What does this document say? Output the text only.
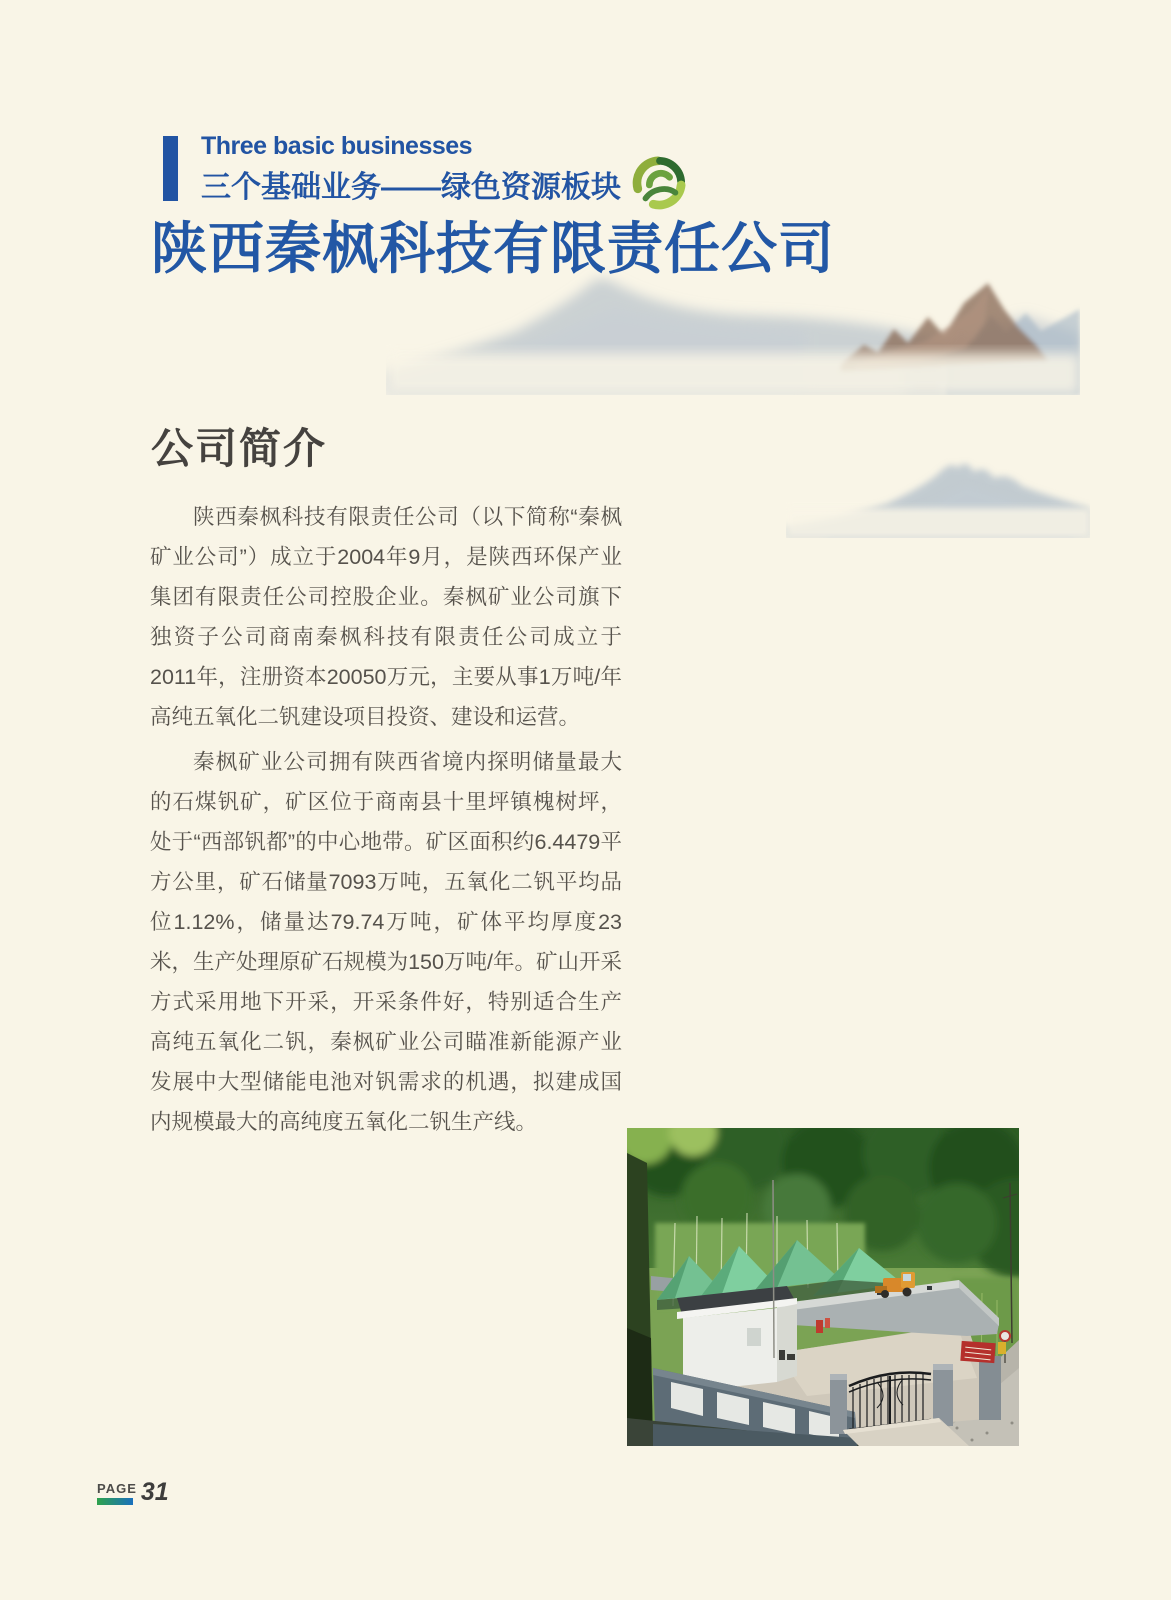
Three basic businesses
三个基础业务——绿色资源板块
陕西秦枫科技有限责任公司
公司简介

陕西秦枫科技有限责任公司（以下简称“秦枫矿业公司”）成立于2004年9月，是陕西环保产业集团有限责任公司控股企业。秦枫矿业公司旗下独资子公司商南秦枫科技有限责任公司成立于2011年，注册资本20050万元，主要从事1万吨/年高纯五氧化二钒建设项目投资、建设和运营。

秦枫矿业公司拥有陕西省境内探明储量最大的石煤钒矿，矿区位于商南县十里坪镇槐树坪，处于“西部钒都”的中心地带。矿区面积约6.4479平方公里，矿石储量7093万吨，五氧化二钒平均品位1.12%，储量达79.74万吨，矿体平均厚度23米，生产处理原矿石规模为150万吨/年。矿山开采方式采用地下开采，开采条件好，特别适合生产高纯五氧化二钒，秦枫矿业公司瞄准新能源产业发展中大型储能电池对钒需求的机遇，拟建成国内规模最大的高纯度五氧化二钒生产线。

PAGE 31
